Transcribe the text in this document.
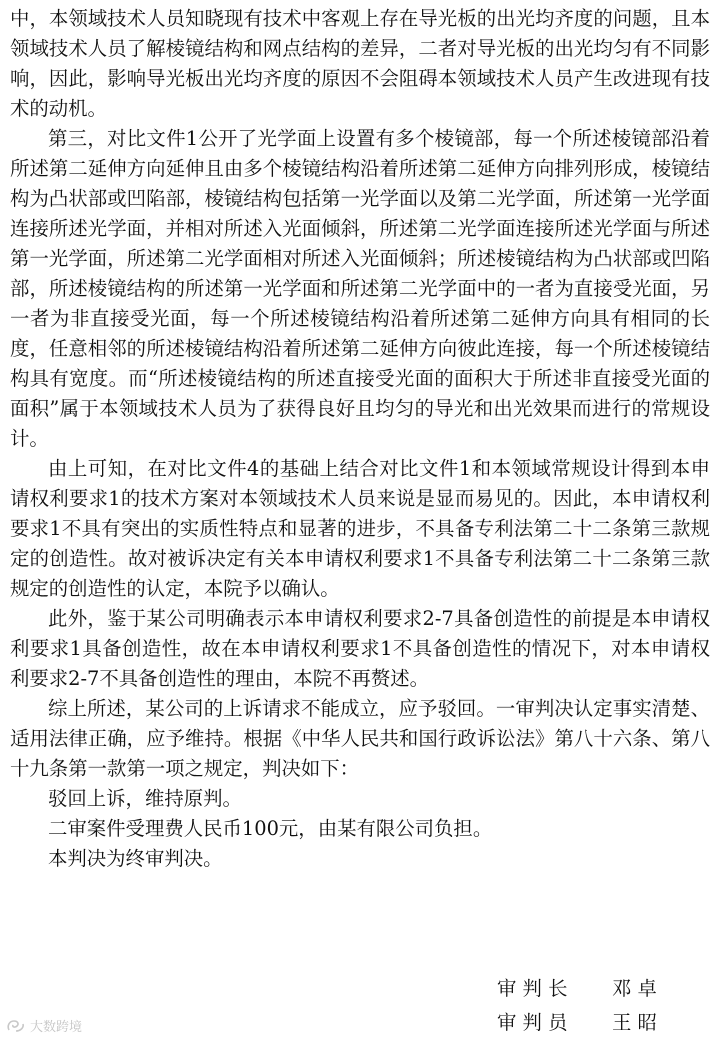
中，本领域技术人员知晓现有技术中客观上存在导光板的出光均齐度的问题，且本领域技术人员了解棱镜结构和网点结构的差异，二者对导光板的出光均匀有不同影响，因此，影响导光板出光均齐度的原因不会阻碍本领域技术人员产生改进现有技术的动机。

第三，对比文件1公开了光学面上设置有多个棱镜部，每一个所述棱镜部沿着所述第二延伸方向延伸且由多个棱镜结构沿着所述第二延伸方向排列形成，棱镜结构为凸状部或凹陷部，棱镜结构包括第一光学面以及第二光学面，所述第一光学面连接所述光学面，并相对所述入光面倾斜，所述第二光学面连接所述光学面与所述第一光学面，所述第二光学面相对所述入光面倾斜；所述棱镜结构为凸状部或凹陷部，所述棱镜结构的所述第一光学面和所述第二光学面中的一者为直接受光面，另一者为非直接受光面，每一个所述棱镜结构沿着所述第二延伸方向具有相同的长度，任意相邻的所述棱镜结构沿着所述第二延伸方向彼此连接，每一个所述棱镜结构具有宽度。而“所述棱镜结构的所述直接受光面的面积大于所述非直接受光面的面积”属于本领域技术人员为了获得良好且均匀的导光和出光效果而进行的常规设计。

由上可知，在对比文件4的基础上结合对比文件1和本领域常规设计得到本申请权利要求1的技术方案对本领域技术人员来说是显而易见的。因此，本申请权利要求1不具有突出的实质性特点和显著的进步，不具备专利法第二十二条第三款规定的创造性。故对被诉决定有关本申请权利要求1不具备专利法第二十二条第三款规定的创造性的认定，本院予以确认。

此外，鉴于某公司明确表示本申请权利要求2-7具备创造性的前提是本申请权利要求1具备创造性，故在本申请权利要求1不具备创造性的情况下，对本申请权利要求2-7不具备创造性的理由，本院不再赘述。

综上所述，某公司的上诉请求不能成立，应予驳回。一审判决认定事实清楚、适用法律正确，应予维持。根据《中华人民共和国行政诉讼法》第八十六条、第八十九条第一款第一项之规定，判决如下：

驳回上诉，维持原判。

二审案件受理费人民币100元，由某有限公司负担。

本判决为终审判决。

审 判 长	邓 卓
审 判 员	王 昭
大数跨境
